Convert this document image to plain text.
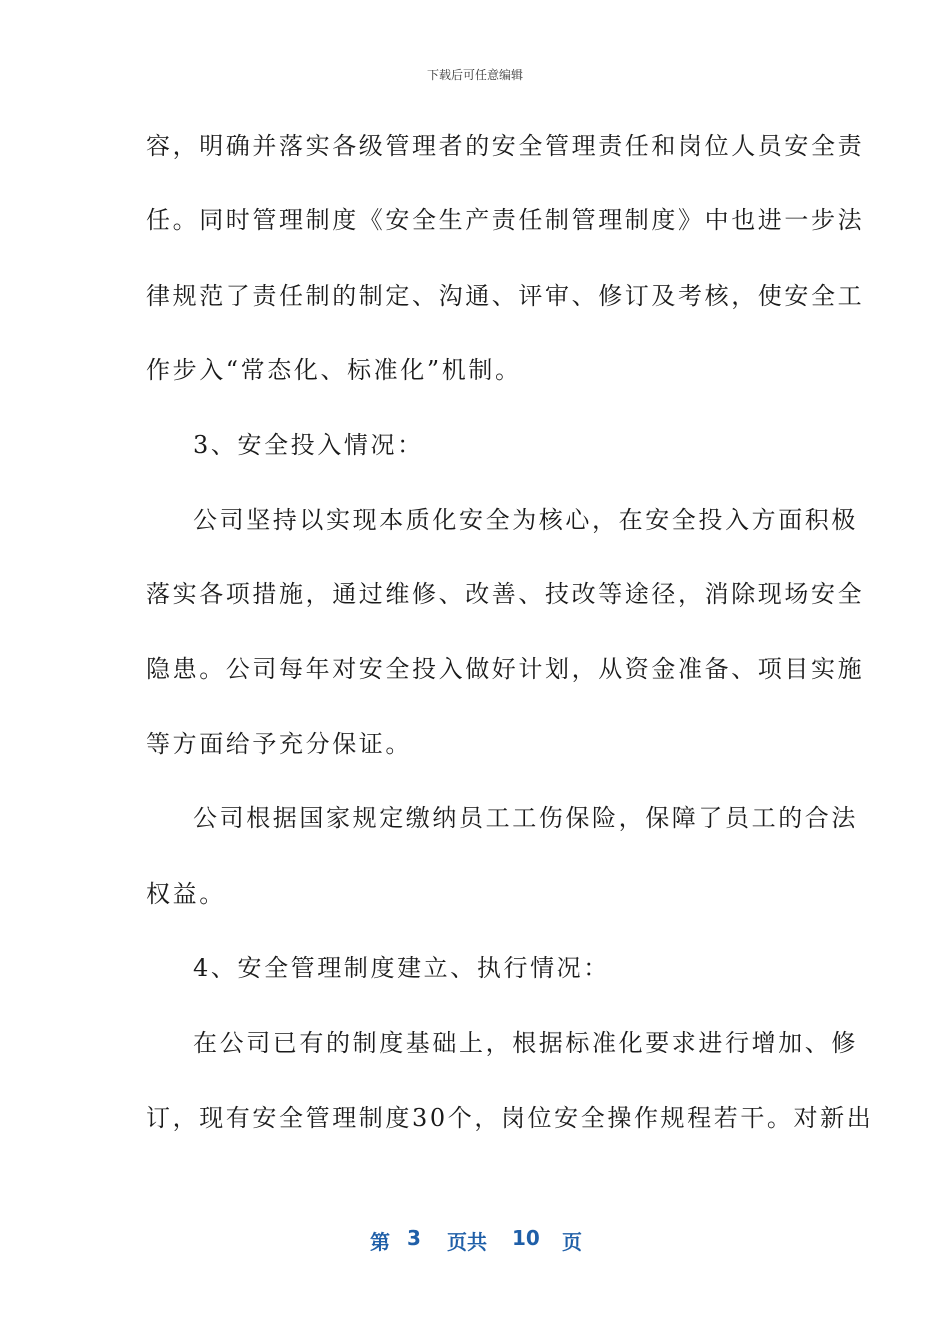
下载后可任意编辑
容，明确并落实各级管理者的安全管理责任和岗位人员安全责
任。同时管理制度《安全生产责任制管理制度》中也进一步法
律规范了责任制的制定、沟通、评审、修订及考核，使安全工
作步入“常态化、标准化”机制。
3、安全投入情况：
公司坚持以实现本质化安全为核心，在安全投入方面积极
落实各项措施，通过维修、改善、技改等途径，消除现场安全
隐患。公司每年对安全投入做好计划，从资金准备、项目实施
等方面给予充分保证。
公司根据国家规定缴纳员工工伤保险，保障了员工的合法
权益。
4、安全管理制度建立、执行情况：
在公司已有的制度基础上，根据标准化要求进行增加、修
订，现有安全管理制度30个，岗位安全操作规程若干。对新出
第 3 页共 10 页
